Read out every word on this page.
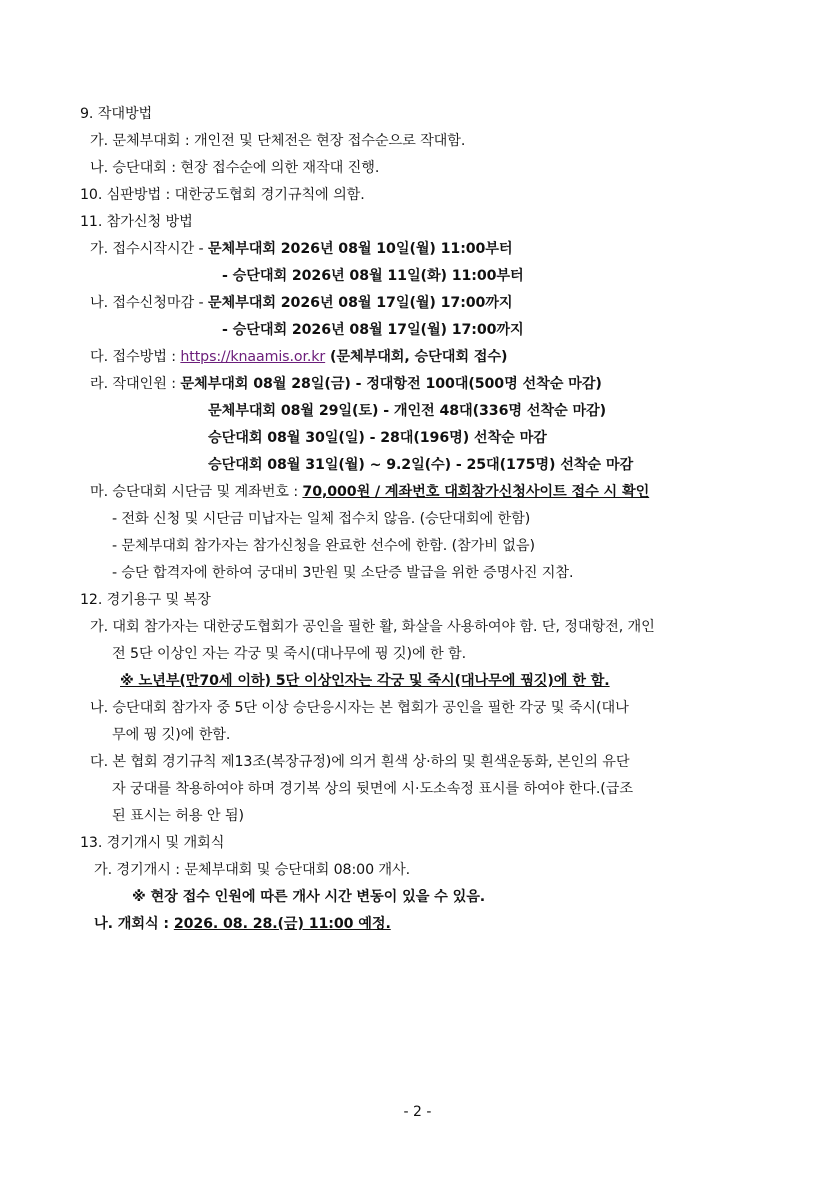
9. 작대방법
가. 문체부대회 : 개인전 및 단체전은 현장 접수순으로 작대함.
나. 승단대회 : 현장 접수순에 의한 재작대 진행.
10. 심판방법 : 대한궁도협회 경기규칙에 의함.
11. 참가신청 방법
가. 접수시작시간 - 문체부대회 2026년 08월 10일(월) 11:00부터
- 승단대회 2026년 08월 11일(화) 11:00부터
나. 접수신청마감 - 문체부대회 2026년 08월 17일(월) 17:00까지
- 승단대회 2026년 08월 17일(월) 17:00까지
다. 접수방법 : https://knaamis.or.kr (문체부대회, 승단대회 접수)
라. 작대인원 : 문체부대회 08월 28일(금) - 정대항전 100대(500명 선착순 마감)
문체부대회 08월 29일(토) - 개인전 48대(336명 선착순 마감)
승단대회 08월 30일(일) - 28대(196명) 선착순 마감
승단대회 08월 31일(월) ~ 9.2일(수) - 25대(175명) 선착순 마감
마. 승단대회 시단금 및 계좌번호 : 70,000원 / 계좌번호 대회참가신청사이트 접수 시 확인
- 전화 신청 및 시단금 미납자는 일체 접수치 않음. (승단대회에 한함)
- 문체부대회 참가자는 참가신청을 완료한 선수에 한함. (참가비 없음)
- 승단 합격자에 한하여 궁대비 3만원 및 소단증 발급을 위한 증명사진 지참.
12. 경기용구 및 복장
가. 대회 참가자는 대한궁도협회가 공인을 필한 활, 화살을 사용하여야 함. 단, 정대항전, 개인
전 5단 이상인 자는 각궁 및 죽시(대나무에 꿩 깃)에 한 함.
※ 노년부(만70세 이하) 5단 이상인자는 각궁 및 죽시(대나무에 꿩깃)에 한 함.
나. 승단대회 참가자 중 5단 이상 승단응시자는 본 협회가 공인을 필한 각궁 및 죽시(대나
무에 꿩 깃)에 한함.
다. 본 협회 경기규칙 제13조(복장규정)에 의거 흰색 상·하의 및 흰색운동화, 본인의 유단
자 궁대를 착용하여야 하며 경기복 상의 뒷면에 시·도소속정 표시를 하여야 한다.(급조
된 표시는 허용 안 됨)
13. 경기개시 및 개회식
가. 경기개시 : 문체부대회 및 승단대회 08:00 개사.
※ 현장 접수 인원에 따른 개사 시간 변동이 있을 수 있음.
나. 개회식 : 2026. 08. 28.(금) 11:00 예정.
- 2 -
